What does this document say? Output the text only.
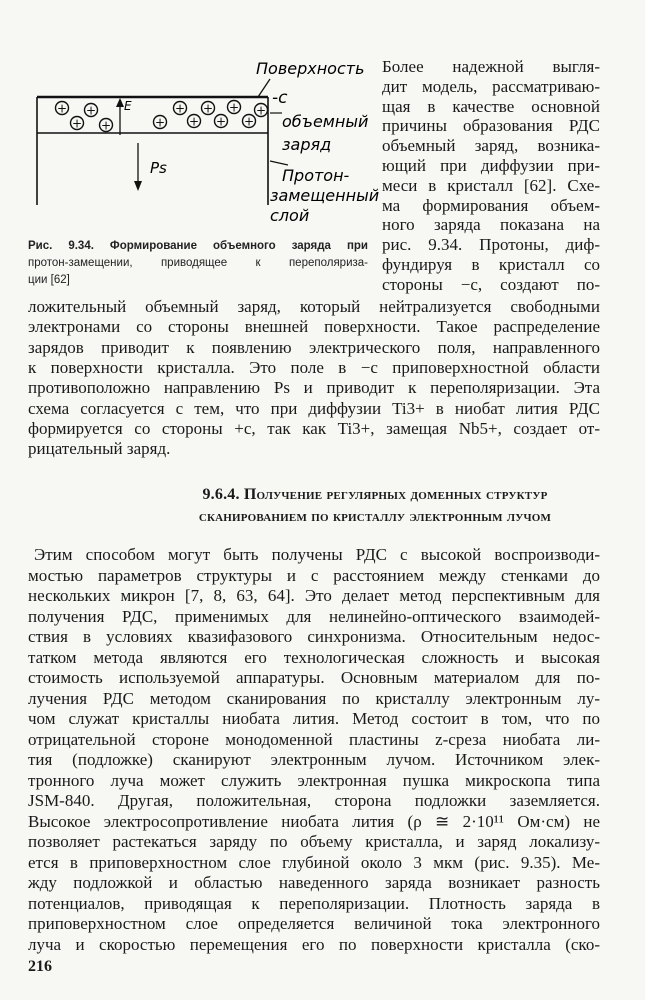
Поверхность
-с
+ +	+ + + +
+ +	+ + + +
E
Ps
объемный
заряд
Протон-
замещенный
слой
Рис. 9.34. Формирование объемного заряда при
протон-замещении, приводящее к переполяриза-
ции [62]
Более надежной выгля-
дит модель, рассматриваю-
щая в качестве основной
причины образования РДС
объемный заряд, возника-
ющий при диффузии при-
меси в кристалл [62]. Схе-
ма формирования объем-
ного заряда показана на
рис. 9.34. Протоны, диф-
фундируя в кристалл со
стороны −с, создают по-
ложительный объемный заряд, который нейтрализуется свободными
электронами со стороны внешней поверхности. Такое распределение
зарядов приводит к появлению электрического поля, направленного
к поверхности кристалла. Это поле в −с приповерхностной области
противоположно направлению Ps и приводит к переполяризации. Эта
схема согласуется с тем, что при диффузии Ti3+ в ниобат лития РДС
формируется со стороны +с, так как Ti3+, замещая Nb5+, создает от-
рицательный заряд.
9.6.4. Получение регулярных доменных структур
сканированием по кристаллу электронным лучом
Этим способом могут быть получены РДС с высокой воспроизводи-
мостью параметров структуры и с расстоянием между стенками до
нескольких микрон [7, 8, 63, 64]. Это делает метод перспективным для
получения РДС, применимых для нелинейно-оптического взаимодей-
ствия в условиях квазифазового синхронизма. Относительным недос-
татком метода являются его технологическая сложность и высокая
стоимость используемой аппаратуры. Основным материалом для по-
лучения РДС методом сканирования по кристаллу электронным лу-
чом служат кристаллы ниобата лития. Метод состоит в том, что по
отрицательной стороне монодоменной пластины z-среза ниобата ли-
тия (подложке) сканируют электронным лучом. Источником элек-
тронного луча может служить электронная пушка микроскопа типа
JSM-840. Другая, положительная, сторона подложки заземляется.
Высокое электросопротивление ниобата лития (ρ ≅ 2·10¹¹ Ом·см) не
позволяет растекаться заряду по объему кристалла, и заряд локализу-
ется в приповерхностном слое глубиной около 3 мкм (рис. 9.35). Ме-
жду подложкой и областью наведенного заряда возникает разность
потенциалов, приводящая к переполяризации. Плотность заряда в
приповерхностном слое определяется величиной тока электронного
луча и скоростью перемещения его по поверхности кристалла (ско-
216
